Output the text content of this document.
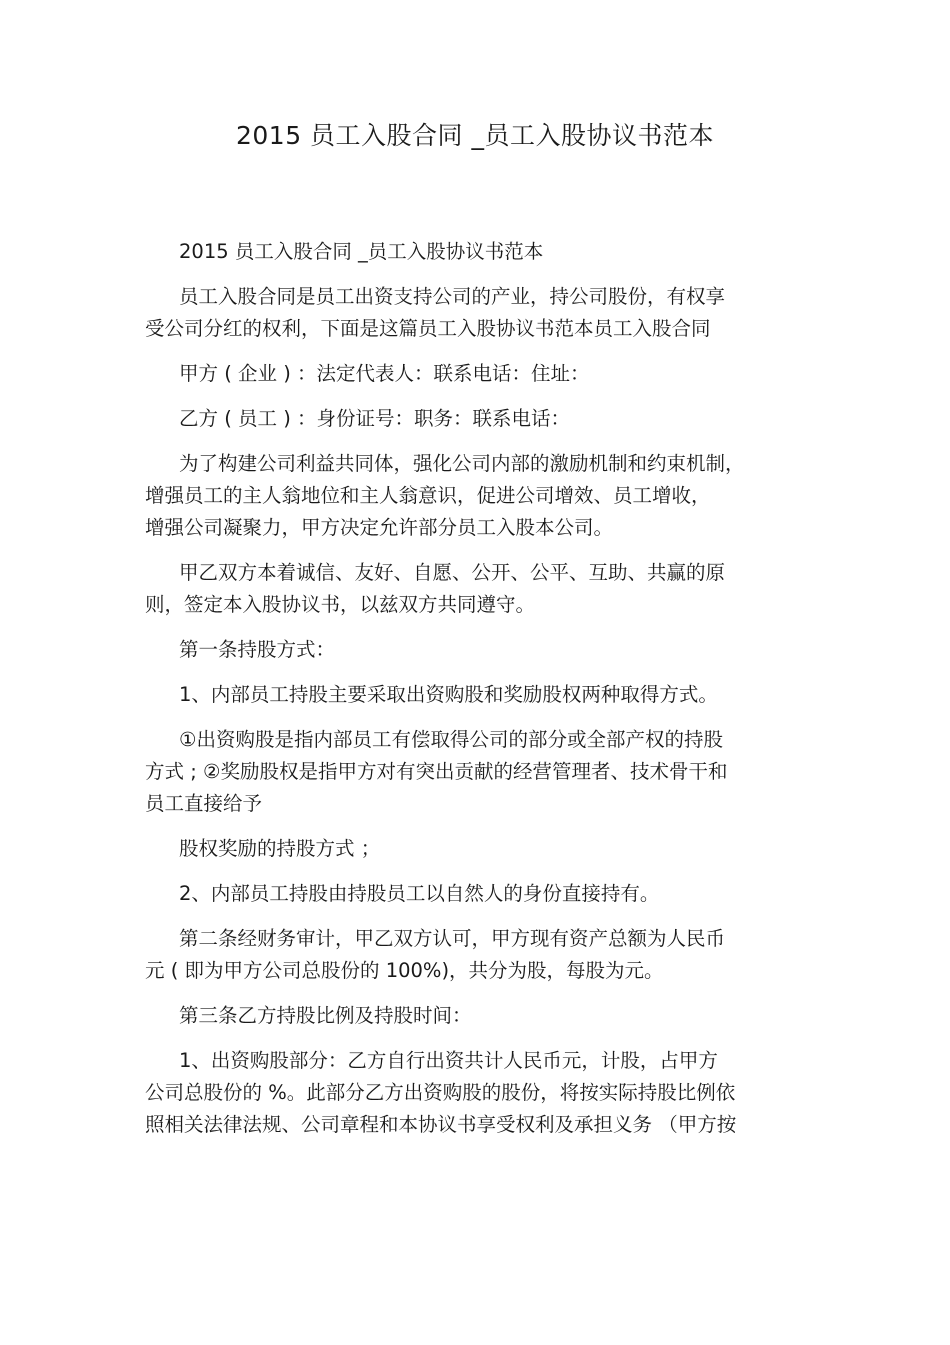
2015 员工入股合同 _员工入股协议书范本
2015 员工入股合同 _员工入股协议书范本
员工入股合同是员工出资支持公司的产业，持公司股份，有权享
受公司分红的权利，下面是这篇员工入股协议书范本员工入股合同
甲方 ( 企业 ) ：法定代表人：联系电话：住址：
乙方 ( 员工 ) ：身份证号：职务：联系电话：
为了构建公司利益共同体，强化公司内部的激励机制和约束机制，
增强员工的主人翁地位和主人翁意识，促进公司增效、员工增收，
增强公司凝聚力，甲方决定允许部分员工入股本公司。
甲乙双方本着诚信、友好、自愿、公开、公平、互助、共赢的原
则，签定本入股协议书，以兹双方共同遵守。
第一条持股方式：
1、内部员工持股主要采取出资购股和奖励股权两种取得方式。
①出资购股是指内部员工有偿取得公司的部分或全部产权的持股
方式 ; ②奖励股权是指甲方对有突出贡献的经营管理者、技术骨干和
员工直接给予
股权奖励的持股方式 ；
2、内部员工持股由持股员工以自然人的身份直接持有。
第二条经财务审计，甲乙双方认可，甲方现有资产总额为人民币
元 ( 即为甲方公司总股份的 100%)，共分为股，每股为元。
第三条乙方持股比例及持股时间：
1、出资购股部分：乙方自行出资共计人民币元，计股，占甲方
公司总股份的 %。此部分乙方出资购股的股份，将按实际持股比例依
照相关法律法规、公司章程和本协议书享受权利及承担义务 （甲方按
